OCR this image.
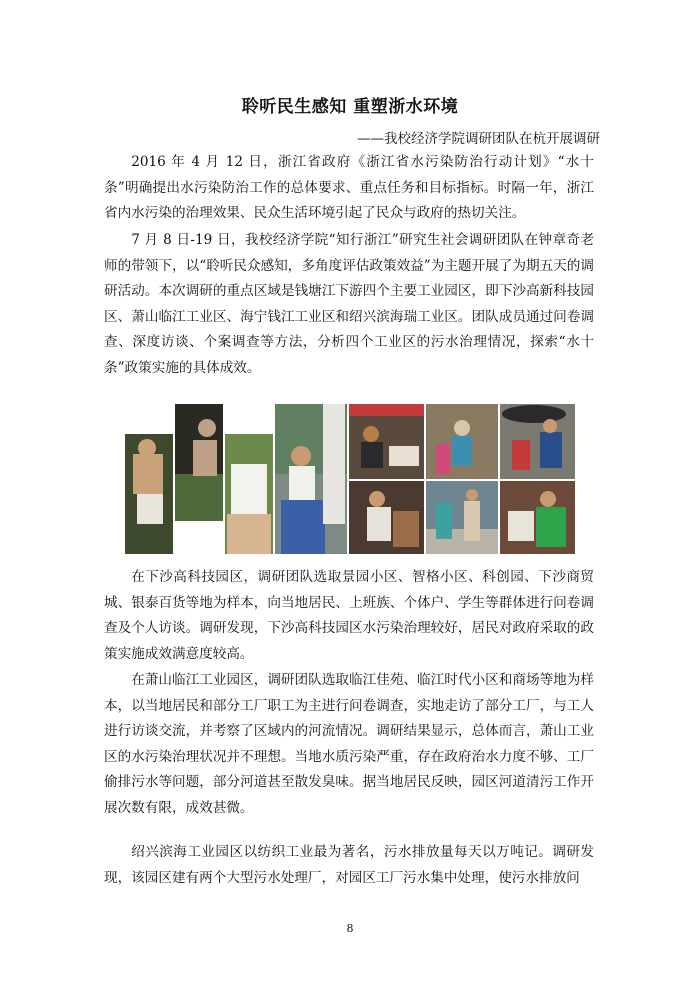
聆听民生感知 重塑浙水环境
——我校经济学院调研团队在杭开展调研

2016 年 4 月 12 日，浙江省政府《浙江省水污染防治行动计划》“水十条”明确提出水污染防治工作的总体要求、重点任务和目标指标。时隔一年，浙江省内水污染的治理效果、民众生活环境引起了民众与政府的热切关注。

7 月 8 日-19 日，我校经济学院“知行浙江”研究生社会调研团队在钟章奇老师的带领下，以“聆听民众感知，多角度评估政策效益”为主题开展了为期五天的调研活动。本次调研的重点区域是钱塘江下游四个主要工业园区，即下沙高新科技园区、萧山临江工业区、海宁钱江工业区和绍兴滨海瑞工业区。团队成员通过问卷调查、深度访谈、个案调查等方法，分析四个工业区的污水治理情况，探索“水十条”政策实施的具体成效。

在下沙高科技园区，调研团队选取景园小区、智格小区、科创园、下沙商贸城、银泰百货等地为样本，向当地居民、上班族、个体户、学生等群体进行问卷调查及个人访谈。调研发现，下沙高科技园区水污染治理较好，居民对政府采取的政策实施成效满意度较高。

在萧山临江工业园区，调研团队选取临江佳苑、临江时代小区和商场等地为样本，以当地居民和部分工厂职工为主进行问卷调查，实地走访了部分工厂，与工人进行访谈交流，并考察了区域内的河流情况。调研结果显示，总体而言，萧山工业区的水污染治理状况并不理想。当地水质污染严重，存在政府治水力度不够、工厂偷排污水等问题，部分河道甚至散发臭味。据当地居民反映，园区河道清污工作开展次数有限，成效甚微。

绍兴滨海工业园区以纺织工业最为著名，污水排放量每天以万吨记。调研发现，该园区建有两个大型污水处理厂，对园区工厂污水集中处理，使污水排放问

8
